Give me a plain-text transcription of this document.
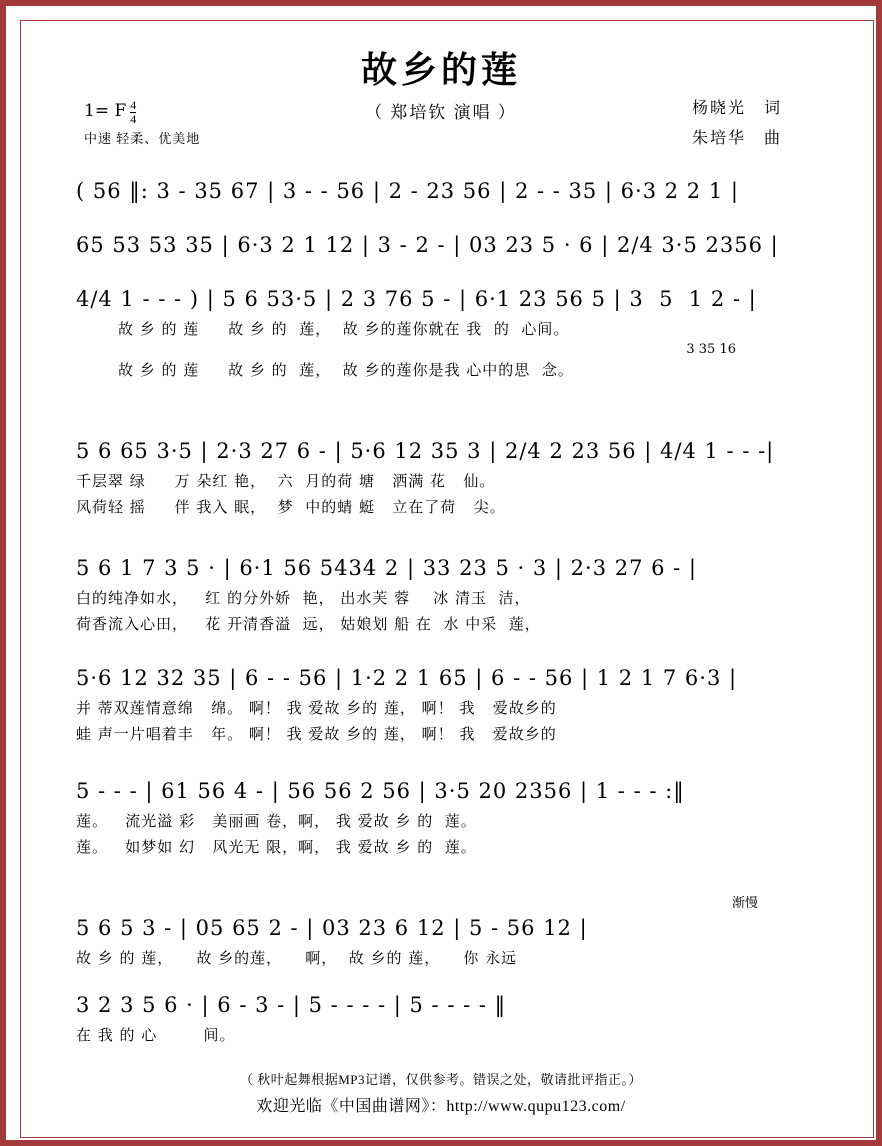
故乡的莲
（ 郑培钦 演唱 ）
1= F $\frac{4}{4}$
中速 轻柔、优美地
杨晓光 词
朱培华 曲
( 56 ‖: 3 - 35 67 | 3 - - 56 | 2 - 23 56 | 2 - - 35 | 6·3 2 2 1 |
65 53 53 35 | 6·3 2 1 12 | 3 - 2 - | 03 23 5 · 6 | 2/4 3·5 2356 |
4/4 1 - - - ) | 5 6 53·5 | 2 3 76 5 - | 6·1 23 56 5 | 3  5  1 2 - |
故 乡 的 莲     故 乡 的  莲，  故 乡的莲你就在 我  的  心间。
3 35 16
故 乡 的 莲     故 乡 的  莲，  故 乡的莲你是我 心中的思  念。
5 6 65 3·5 | 2·3 27 6 - | 5·6 12 35 3 | 2/4 2 23 56 | 4/4 1 - - -|
千层翠 绿     万 朵红 艳，  六  月的荷 塘   洒满 花   仙。
风荷轻 摇     伴 我入 眠，  梦  中的蜻 蜓   立在了荷   尖。
5 6 1 7 3 5 · | 6·1 56 5434 2 | 33 23 5 · 3 | 2·3 27 6 - |
白的纯净如水，   红 的分外娇  艳， 出水芙 蓉    冰 清玉  洁，
荷香流入心田，   花 开清香溢  远， 姑娘划 船 在  水 中采  莲，
5·6 12 32 35 | 6 - - 56 | 1·2 2 1 65 | 6 - - 56 | 1 2 1 7 6·3 |
并 蒂双莲情意绵   绵。 啊！ 我 爱故 乡的 莲， 啊！ 我   爱故乡的
蛙 声一片唱着丰   年。 啊！ 我 爱故 乡的 莲， 啊！ 我   爱故乡的
5 - - - | 61 56 4 - | 56 56 2 56 | 3·5 20 2356 | 1 - - - :‖
莲。   流光溢 彩   美丽画 卷，啊， 我 爱故 乡 的  莲。
莲。   如梦如 幻   风光无 限，啊， 我 爱故 乡 的  莲。
渐慢
5 6 5 3 - | 05 65 2 - | 03 23 6 12 | 5 - 56 12 |
故 乡 的 莲，    故 乡的莲，    啊，  故 乡的 莲，    你 永远
3 2 3 5 6 · | 6 - 3 - | 5 - - - - | 5 - - - - ‖
在 我 的 心        间。
（ 秋叶起舞根据MP3记谱，仅供参考。错误之处，敬请批评指正。）
欢迎光临《中国曲谱网》：http://www.qupu123.com/
